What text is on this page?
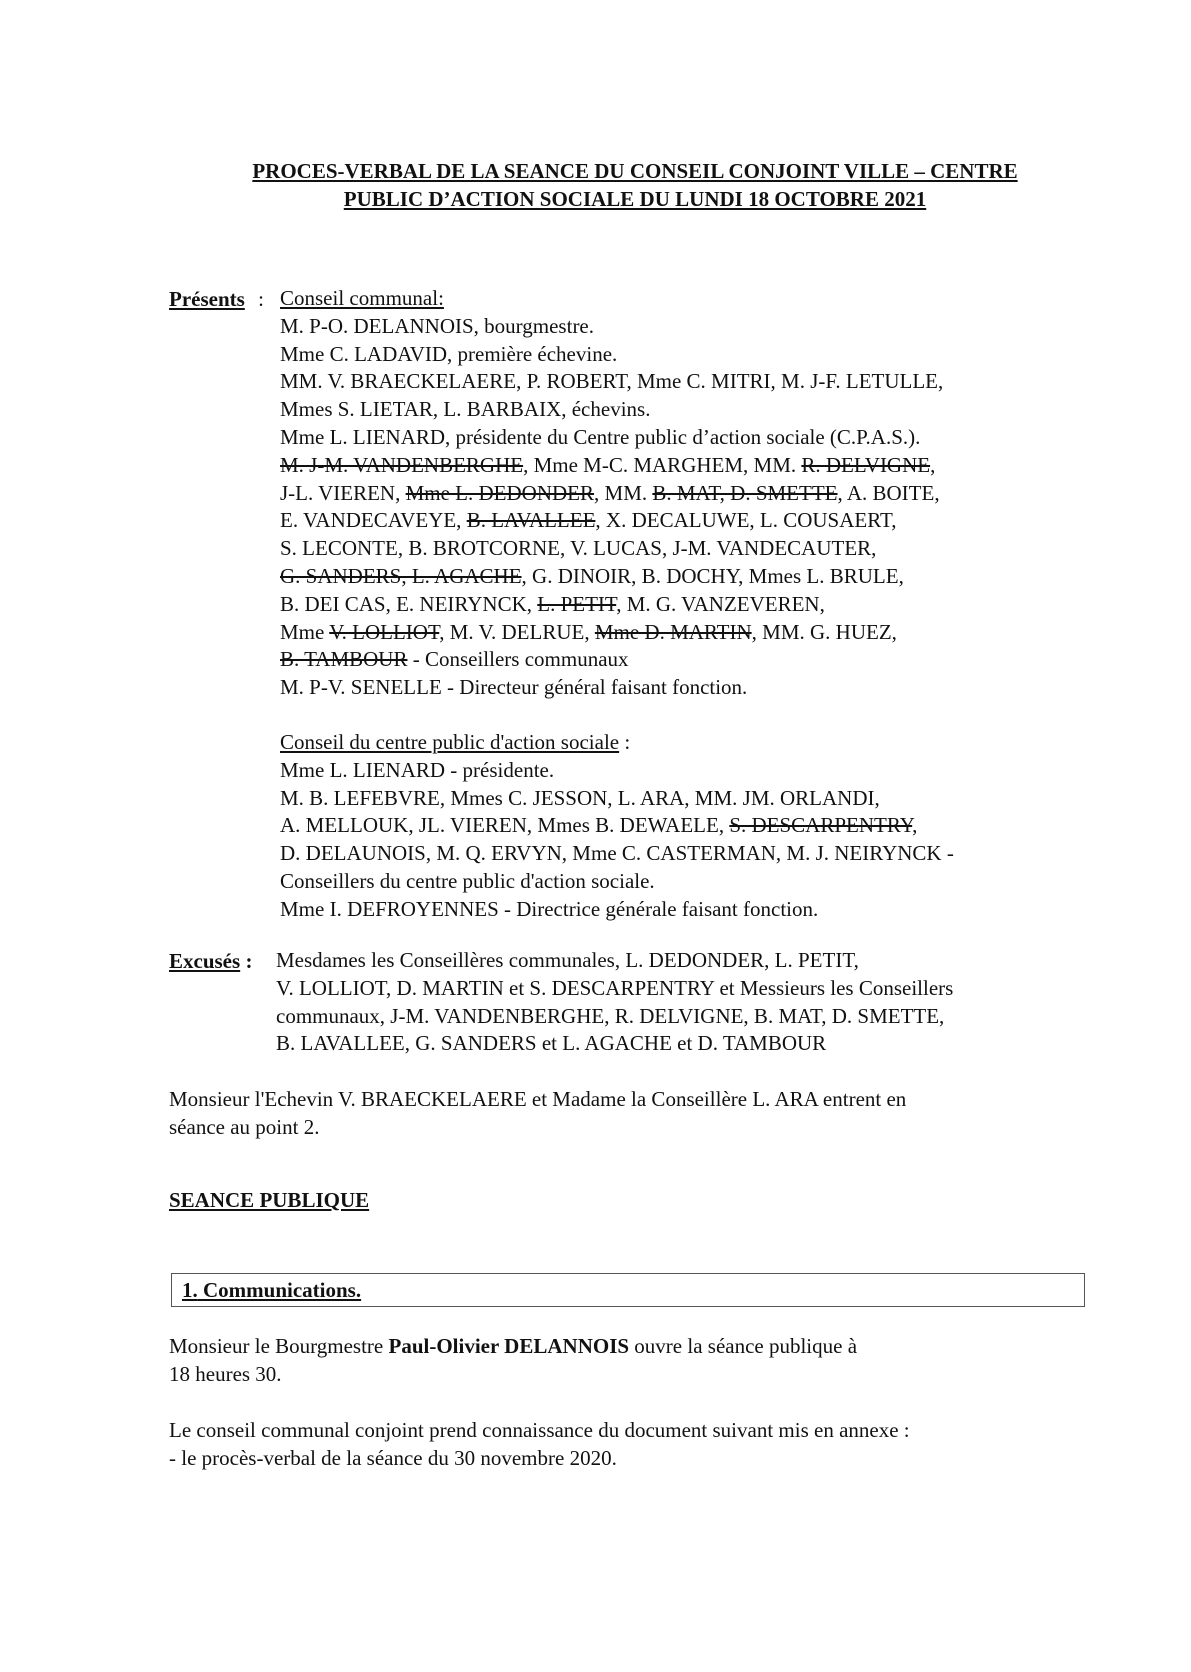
PROCES-VERBAL DE LA SEANCE DU CONSEIL CONJOINT VILLE – CENTRE
PUBLIC D’ACTION SOCIALE DU LUNDI 18 OCTOBRE 2021
Présents : Conseil communal:
M. P-O. DELANNOIS, bourgmestre.
Mme C. LADAVID, première échevine.
MM. V. BRAECKELAERE, P. ROBERT, Mme C. MITRI, M. J-F. LETULLE,
Mmes S. LIETAR, L. BARBAIX, échevins.
Mme L. LIENARD, présidente du Centre public d’action sociale (C.P.A.S.).
M. J-M. VANDENBERGHE, Mme M-C. MARGHEM, MM. R. DELVIGNE,
J-L. VIEREN, Mme L. DEDONDER, MM. B. MAT, D. SMETTE, A. BOITE,
E. VANDECAVEYE, B. LAVALLEE, X. DECALUWE, L. COUSAERT,
S. LECONTE, B. BROTCORNE, V. LUCAS, J-M. VANDECAUTER,
G. SANDERS, L. AGACHE, G. DINOIR, B. DOCHY, Mmes L. BRULE,
B. DEI CAS, E. NEIRYNCK, L. PETIT, M. G. VANZEVEREN,
Mme V. LOLLIOT, M. V. DELRUE, Mme D. MARTIN, MM. G. HUEZ,
B. TAMBOUR - Conseillers communaux
M. P-V. SENELLE - Directeur général faisant fonction.
Conseil du centre public d'action sociale :
Mme L. LIENARD - présidente.
M. B. LEFEBVRE, Mmes C. JESSON, L. ARA, MM. JM. ORLANDI,
A. MELLOUK, JL. VIEREN, Mmes B. DEWAELE, S. DESCARPENTRY,
D. DELAUNOIS, M. Q. ERVYN, Mme C. CASTERMAN, M. J. NEIRYNCK -
Conseillers du centre public d'action sociale.
Mme I. DEFROYENNES - Directrice générale faisant fonction.
Excusés : Mesdames les Conseillères communales, L. DEDONDER, L. PETIT,
V. LOLLIOT, D. MARTIN et S. DESCARPENTRY et Messieurs les Conseillers
communaux, J-M. VANDENBERGHE, R. DELVIGNE, B. MAT, D. SMETTE,
B. LAVALLEE, G. SANDERS et L. AGACHE et D. TAMBOUR
Monsieur l'Echevin V. BRAECKELAERE et Madame la Conseillère L. ARA entrent en
séance au point 2.
SEANCE PUBLIQUE
1. Communications.
Monsieur le Bourgmestre Paul-Olivier DELANNOIS ouvre la séance publique à
18 heures 30.
Le conseil communal conjoint prend connaissance du document suivant mis en annexe :
- le procès-verbal de la séance du 30 novembre 2020.
